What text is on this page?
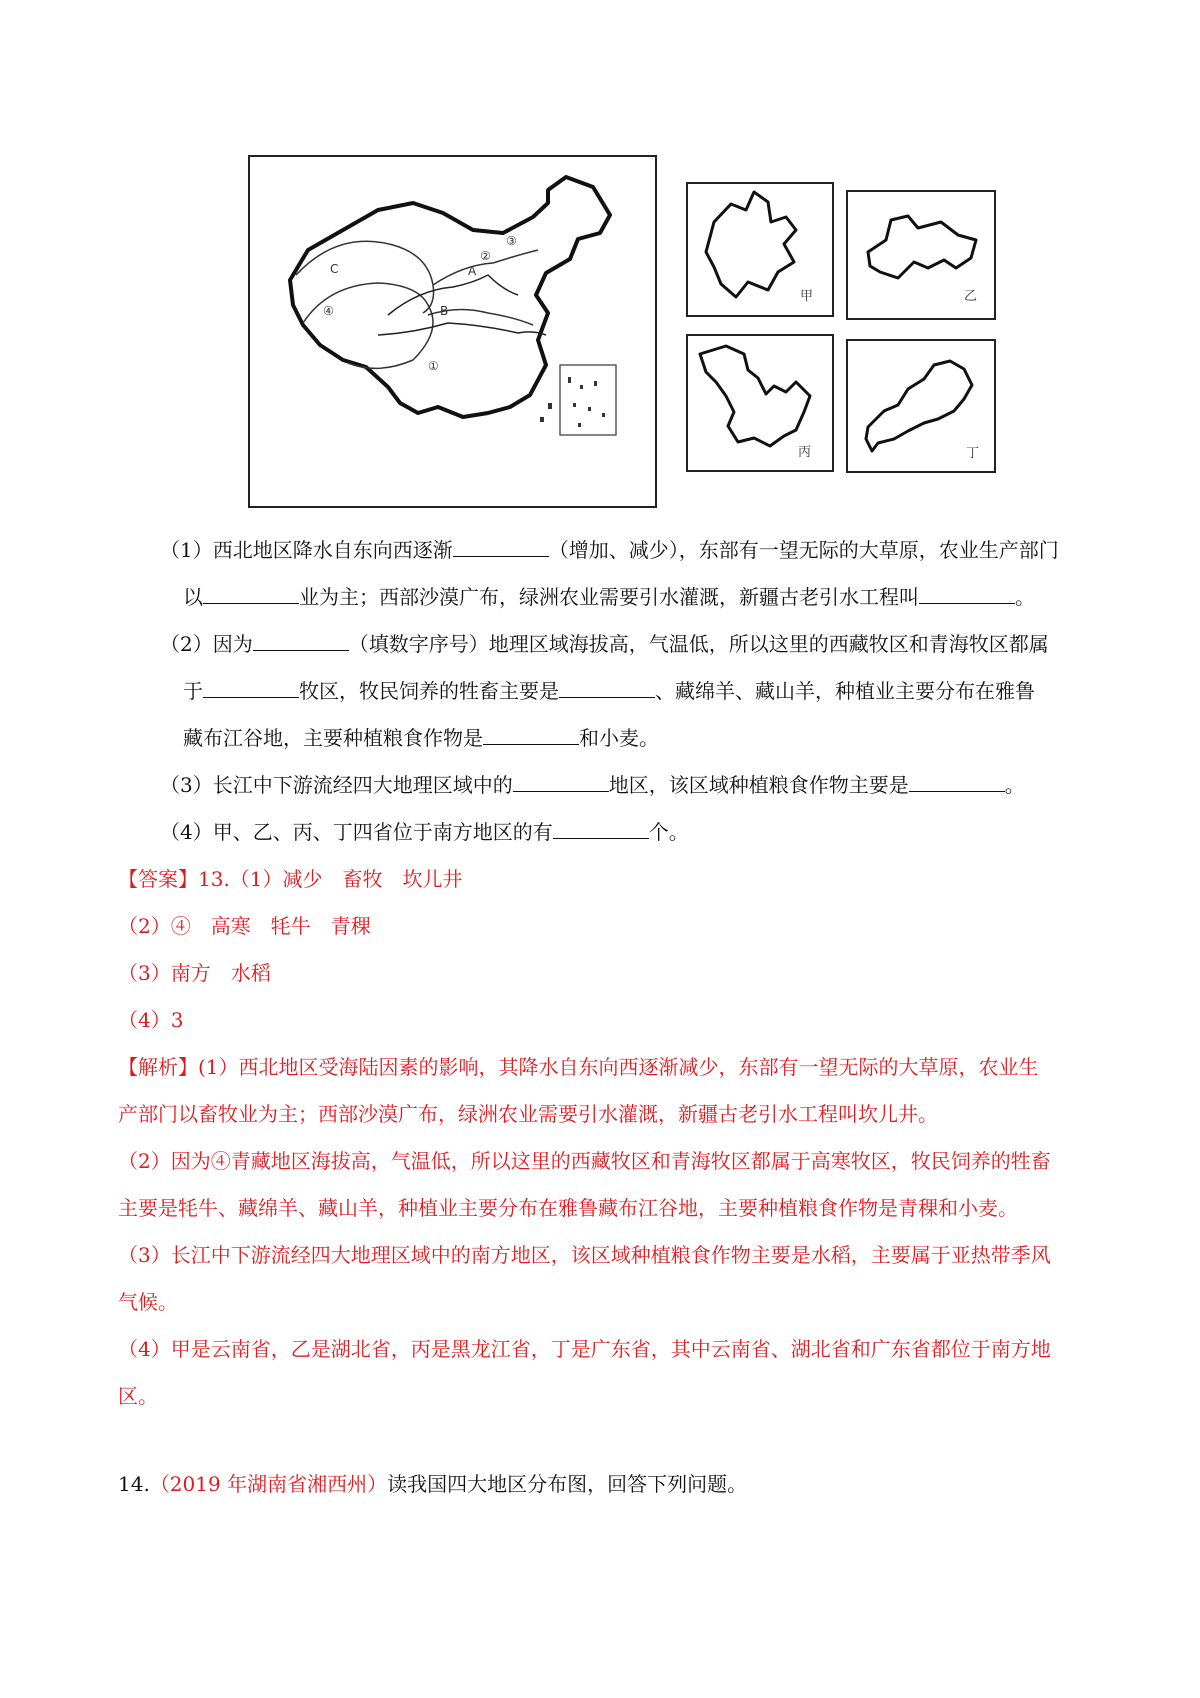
C	A
B
①
②
③
④
甲	乙
丙	丁
（1）西北地区降水自东向西逐渐	（增加、减少），东部有一望无际的大草原，农业生产部门
以	业为主；西部沙漠广布，绿洲农业需要引水灌溉，新疆古老引水工程叫	。
（2）因为	（填数字序号）地理区域海拔高，气温低，所以这里的西藏牧区和青海牧区都属
于	牧区，牧民饲养的牲畜主要是	、藏绵羊、藏山羊，种植业主要分布在雅鲁
藏布江谷地，主要种植粮食作物是	和小麦。
（3）长江中下游流经四大地理区域中的	地区，该区域种植粮食作物主要是	。
（4）甲、乙、丙、丁四省位于南方地区的有	个。
【答案】13.（1）减少　畜牧　坎儿井
（2）④　高寒　牦牛　青稞
（3）南方　水稻
（4）3
【解析】(1）西北地区受海陆因素的影响，其降水自东向西逐渐减少，东部有一望无际的大草原，农业生
产部门以畜牧业为主；西部沙漠广布，绿洲农业需要引水灌溉，新疆古老引水工程叫坎儿井。
（2）因为④青藏地区海拔高，气温低，所以这里的西藏牧区和青海牧区都属于高寒牧区，牧民饲养的牲畜
主要是牦牛、藏绵羊、藏山羊，种植业主要分布在雅鲁藏布江谷地，主要种植粮食作物是青稞和小麦。
（3）长江中下游流经四大地理区域中的南方地区，该区域种植粮食作物主要是水稻，主要属于亚热带季风
气候。
（4）甲是云南省，乙是湖北省，丙是黑龙江省，丁是广东省，其中云南省、湖北省和广东省都位于南方地
区。
14.（2019 年湖南省湘西州）读我国四大地区分布图，回答下列问题。
